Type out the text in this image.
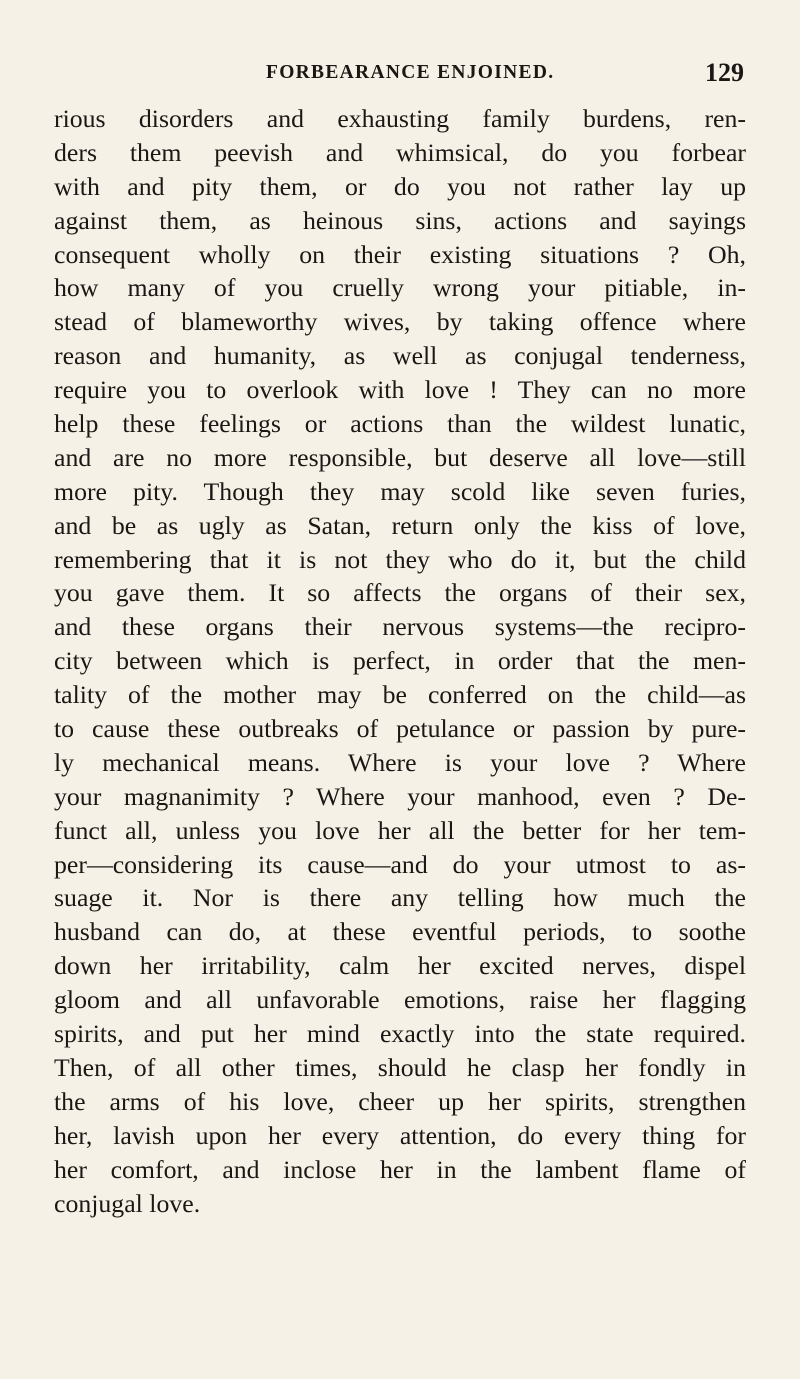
FORBEARANCE ENJOINED.	129
rious disorders and exhausting family burdens, ren-
ders them peevish and whimsical, do you forbear
with and pity them, or do you not rather lay up
against them, as heinous sins, actions and sayings
consequent wholly on their existing situations ? Oh,
how many of you cruelly wrong your pitiable, in-
stead of blameworthy wives, by taking offence where
reason and humanity, as well as conjugal tenderness,
require you to overlook with love ! They can no more
help these feelings or actions than the wildest lunatic,
and are no more responsible, but deserve all love—still
more pity. Though they may scold like seven furies,
and be as ugly as Satan, return only the kiss of love,
remembering that it is not they who do it, but the child
you gave them. It so affects the organs of their sex,
and these organs their nervous systems—the recipro-
city between which is perfect, in order that the men-
tality of the mother may be conferred on the child—as
to cause these outbreaks of petulance or passion by pure-
ly mechanical means. Where is your love ? Where
your magnanimity ? Where your manhood, even ? De-
funct all, unless you love her all the better for her tem-
per—considering its cause—and do your utmost to as-
suage it. Nor is there any telling how much the
husband can do, at these eventful periods, to soothe
down her irritability, calm her excited nerves, dispel
gloom and all unfavorable emotions, raise her flagging
spirits, and put her mind exactly into the state required.
Then, of all other times, should he clasp her fondly in
the arms of his love, cheer up her spirits, strengthen
her, lavish upon her every attention, do every thing for
her comfort, and inclose her in the lambent flame of
conjugal love.
